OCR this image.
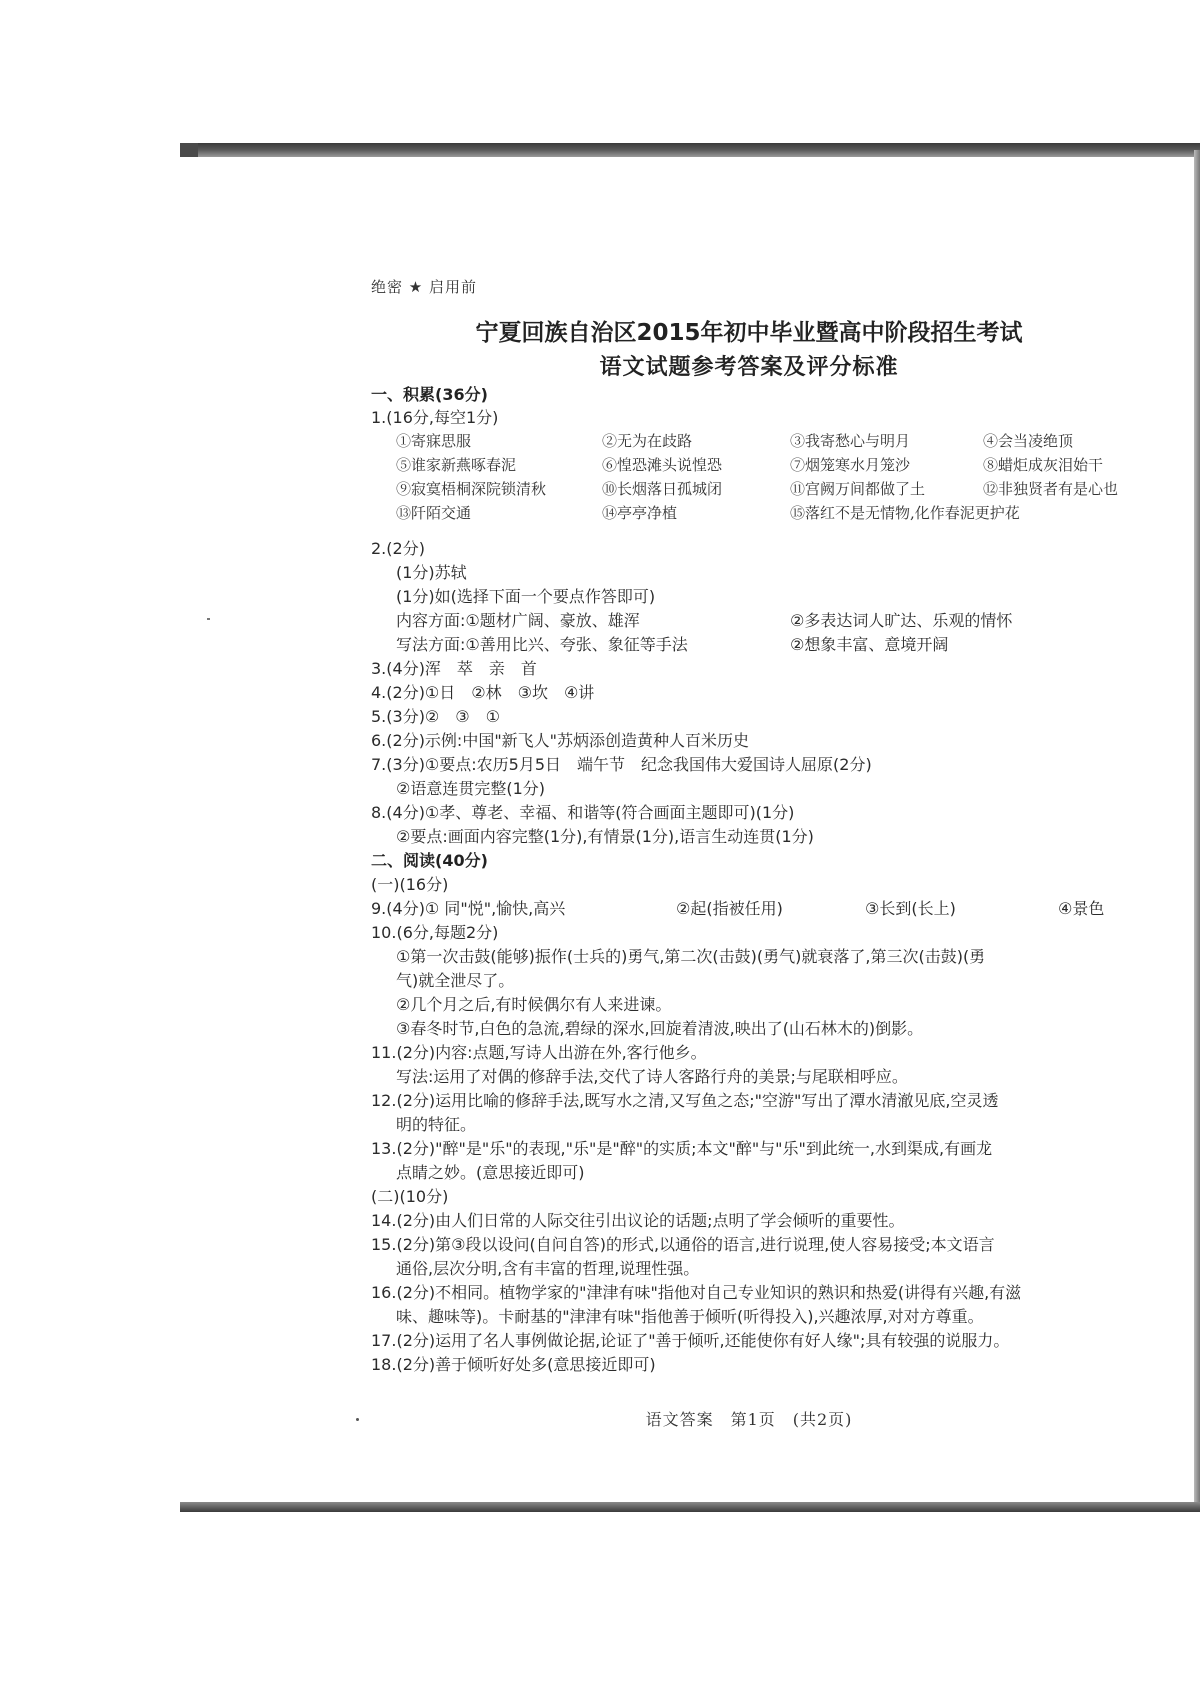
绝密 ★ 启用前
宁夏回族自治区2015年初中毕业暨高中阶段招生考试
语文试题参考答案及评分标准
一、积累(36分)
1.(16分,每空1分)
①寄寐思服	②无为在歧路	③我寄愁心与明月	④会当凌绝顶
⑤谁家新燕啄春泥	⑥惶恐滩头说惶恐	⑦烟笼寒水月笼沙	⑧蜡炬成灰泪始干
⑨寂寞梧桐深院锁清秋	⑩长烟落日孤城闭	⑪宫阙万间都做了土	⑫非独贤者有是心也
⑬阡陌交通	⑭亭亭净植	⑮落红不是无情物,化作春泥更护花
2.(2分)
(1分)苏轼
(1分)如(选择下面一个要点作答即可)
内容方面:①题材广阔、豪放、雄浑	②多表达词人旷达、乐观的情怀
写法方面:①善用比兴、夸张、象征等手法	②想象丰富、意境开阔
3.(4分)浑　萃　亲　首
4.(2分)①日　②林　③坎　④讲
5.(3分)②　③　①
6.(2分)示例:中国"新飞人"苏炳添创造黄种人百米历史
7.(3分)①要点:农历5月5日　端午节　纪念我国伟大爱国诗人屈原(2分)
②语意连贯完整(1分)
8.(4分)①孝、尊老、幸福、和谐等(符合画面主题即可)(1分)
②要点:画面内容完整(1分),有情景(1分),语言生动连贯(1分)
二、阅读(40分)
(一)(16分)
9.(4分)① 同"悦",愉快,高兴	②起(指被任用)	③长到(长上)	④景色
10.(6分,每题2分)
①第一次击鼓(能够)振作(士兵的)勇气,第二次(击鼓)(勇气)就衰落了,第三次(击鼓)(勇
气)就全泄尽了。
②几个月之后,有时候偶尔有人来进谏。
③春冬时节,白色的急流,碧绿的深水,回旋着清波,映出了(山石林木的)倒影。
11.(2分)内容:点题,写诗人出游在外,客行他乡。
写法:运用了对偶的修辞手法,交代了诗人客路行舟的美景;与尾联相呼应。
12.(2分)运用比喻的修辞手法,既写水之清,又写鱼之态;"空游"写出了潭水清澈见底,空灵透
明的特征。
13.(2分)"醉"是"乐"的表现,"乐"是"醉"的实质;本文"醉"与"乐"到此统一,水到渠成,有画龙
点睛之妙。(意思接近即可)
(二)(10分)
14.(2分)由人们日常的人际交往引出议论的话题;点明了学会倾听的重要性。
15.(2分)第③段以设问(自问自答)的形式,以通俗的语言,进行说理,使人容易接受;本文语言
通俗,层次分明,含有丰富的哲理,说理性强。
16.(2分)不相同。植物学家的"津津有味"指他对自己专业知识的熟识和热爱(讲得有兴趣,有滋
味、趣味等)。卡耐基的"津津有味"指他善于倾听(听得投入),兴趣浓厚,对对方尊重。
17.(2分)运用了名人事例做论据,论证了"善于倾听,还能使你有好人缘";具有较强的说服力。
18.(2分)善于倾听好处多(意思接近即可)
语文答案　第1页　(共2页)
